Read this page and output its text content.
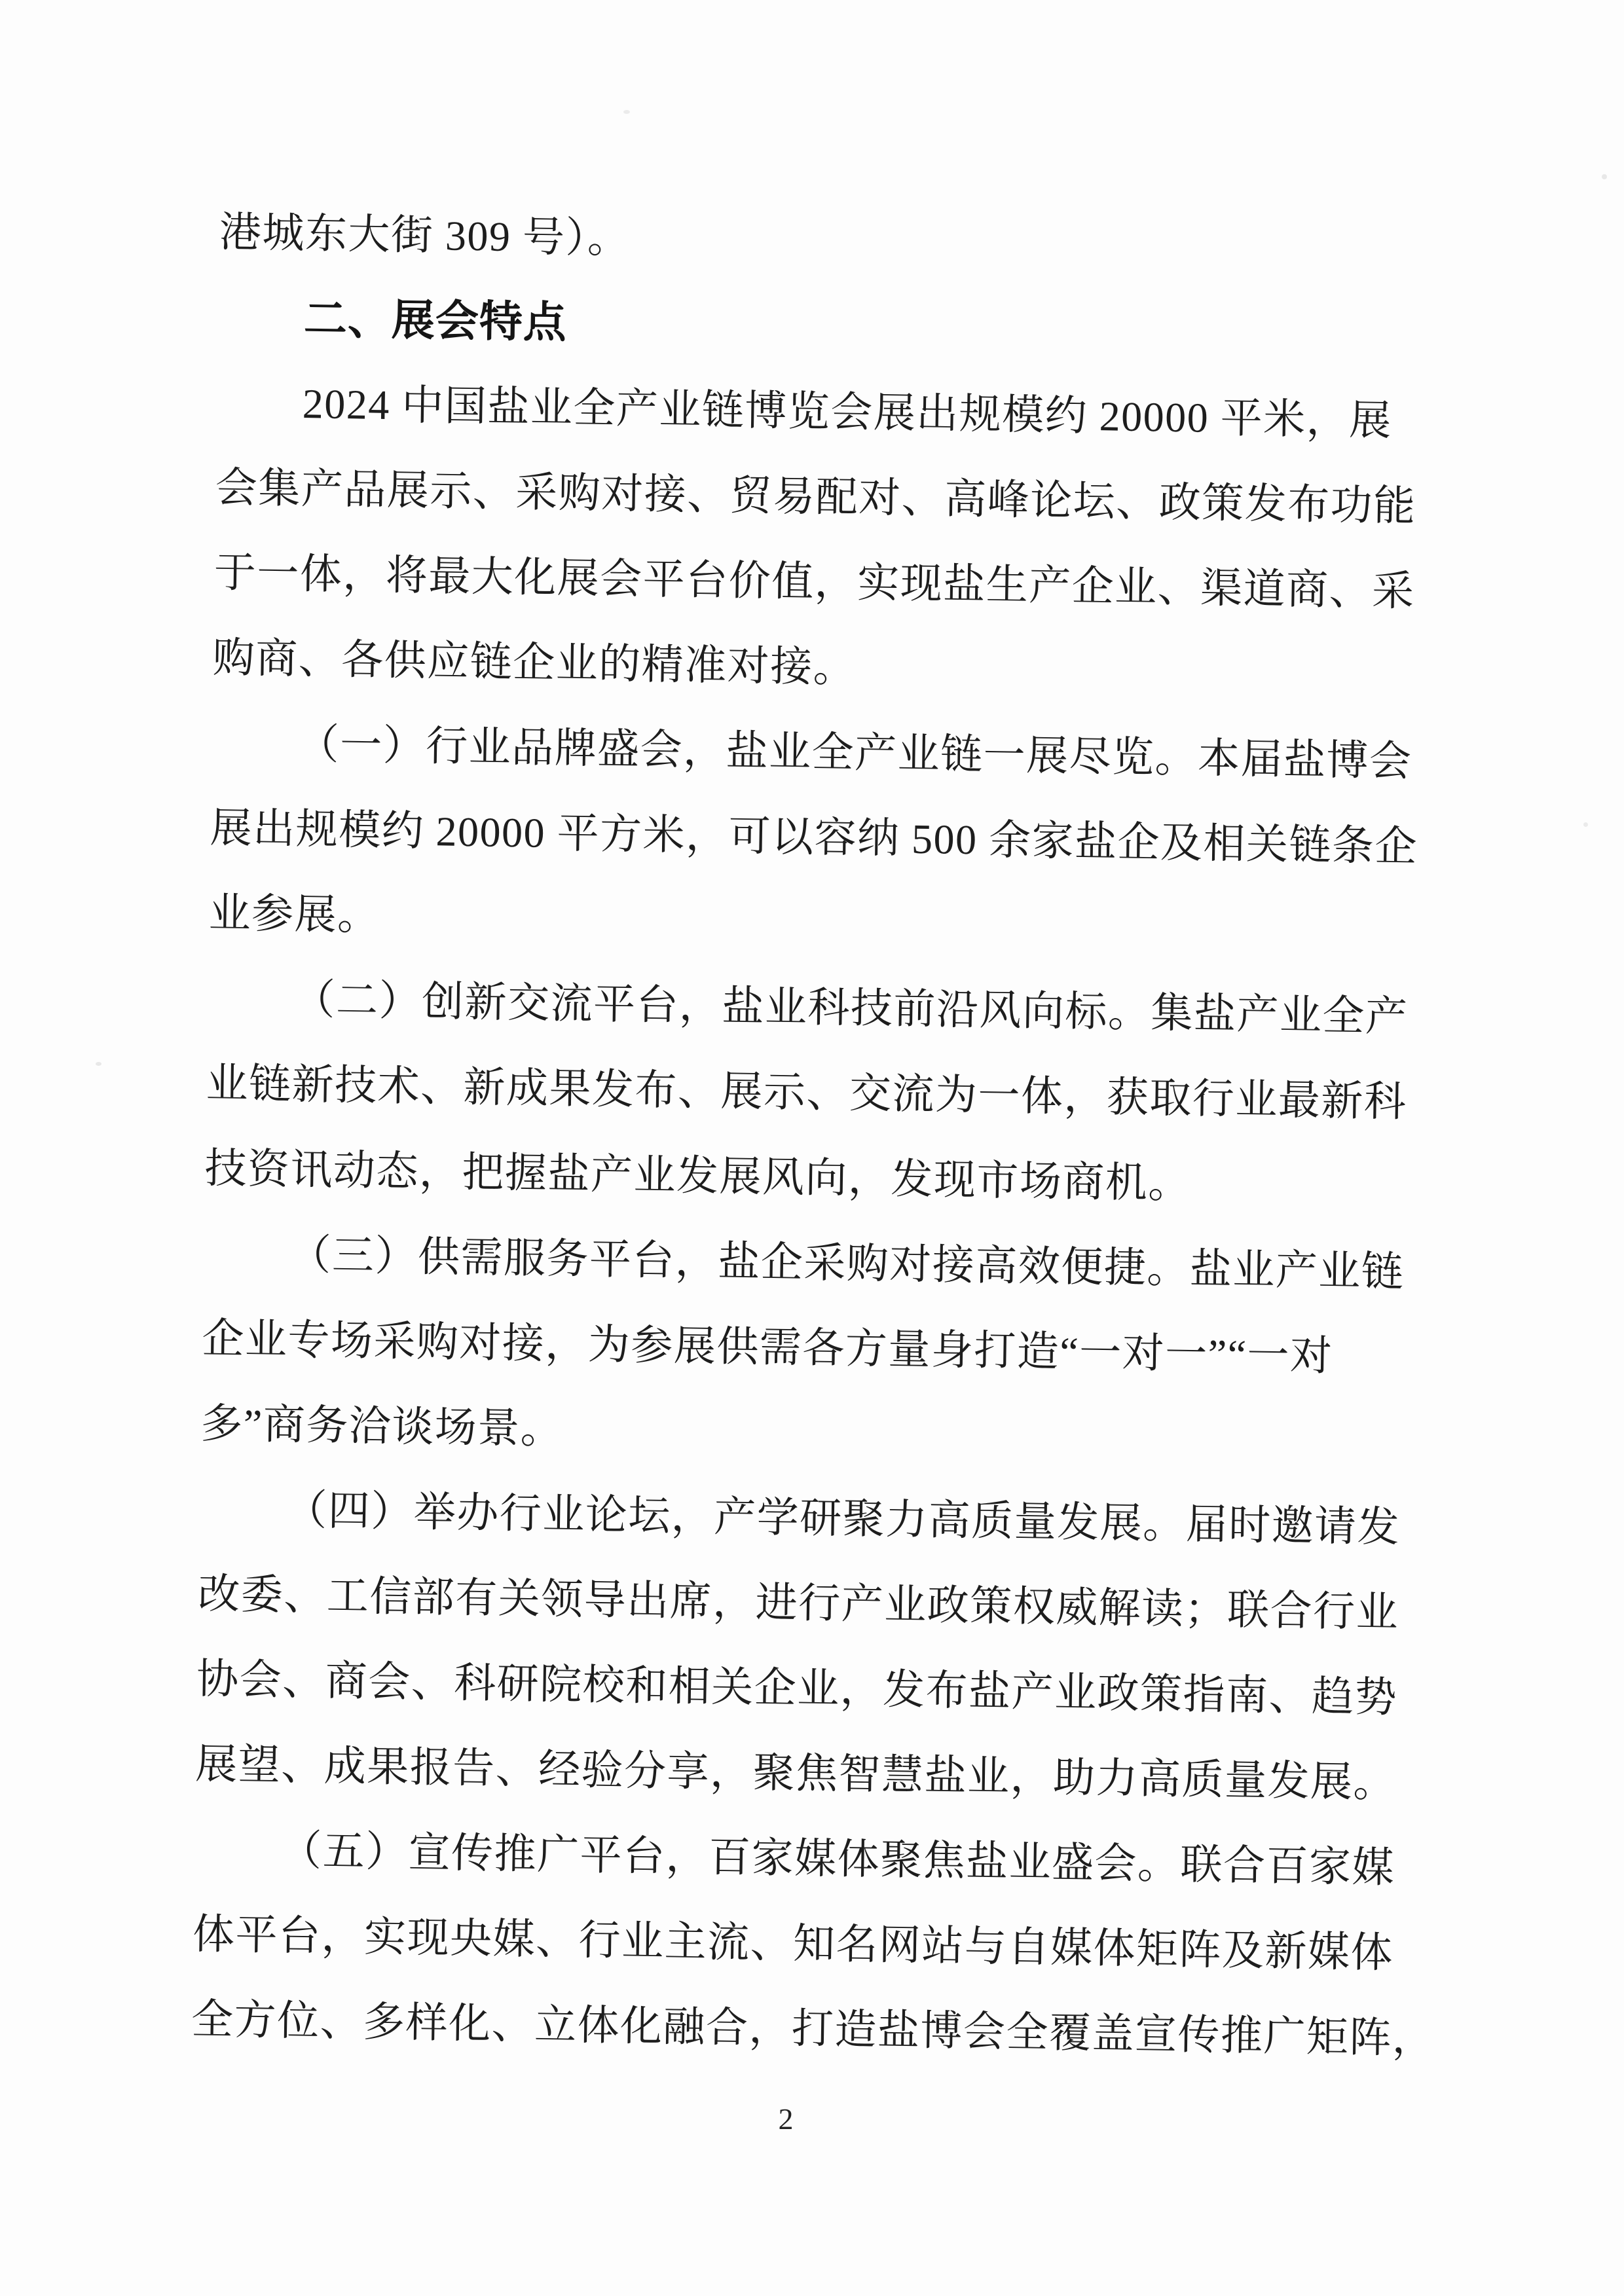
港城东大街 309 号）。
二、展会特点
2024 中国盐业全产业链博览会展出规模约 20000 平米，展
会集产品展示、采购对接、贸易配对、高峰论坛、政策发布功能
于一体，将最大化展会平台价值，实现盐生产企业、渠道商、采
购商、各供应链企业的精准对接。
（一）行业品牌盛会，盐业全产业链一展尽览。本届盐博会
展出规模约 20000 平方米，可以容纳 500 余家盐企及相关链条企
业参展。
（二）创新交流平台，盐业科技前沿风向标。集盐产业全产
业链新技术、新成果发布、展示、交流为一体，获取行业最新科
技资讯动态，把握盐产业发展风向，发现市场商机。
（三）供需服务平台，盐企采购对接高效便捷。盐业产业链
企业专场采购对接，为参展供需各方量身打造“一对一”“一对
多”商务洽谈场景。
（四）举办行业论坛，产学研聚力高质量发展。届时邀请发
改委、工信部有关领导出席，进行产业政策权威解读；联合行业
协会、商会、科研院校和相关企业，发布盐产业政策指南、趋势
展望、成果报告、经验分享，聚焦智慧盐业，助力高质量发展。
（五）宣传推广平台，百家媒体聚焦盐业盛会。联合百家媒
体平台，实现央媒、行业主流、知名网站与自媒体矩阵及新媒体
全方位、多样化、立体化融合，打造盐博会全覆盖宣传推广矩阵，
2
